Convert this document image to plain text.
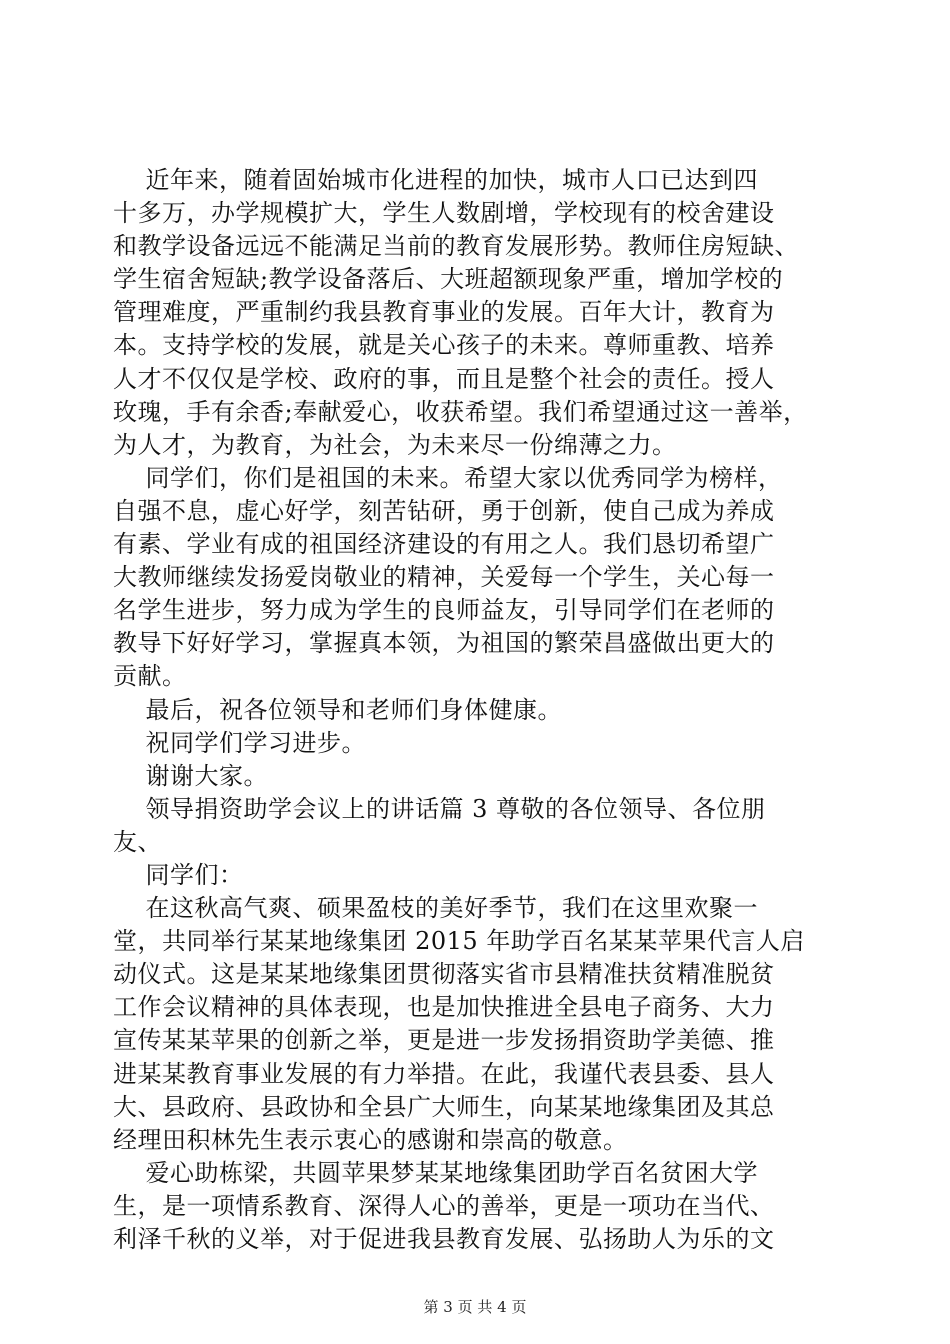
近年来，随着固始城市化进程的加快，城市人口已达到四
十多万，办学规模扩大，学生人数剧增，学校现有的校舍建设
和教学设备远远不能满足当前的教育发展形势。教师住房短缺、
学生宿舍短缺;教学设备落后、大班超额现象严重，增加学校的
管理难度，严重制约我县教育事业的发展。百年大计，教育为
本。支持学校的发展，就是关心孩子的未来。尊师重教、培养
人才不仅仅是学校、政府的事，而且是整个社会的责任。授人
玫瑰，手有余香;奉献爱心，收获希望。我们希望通过这一善举，
为人才，为教育，为社会，为未来尽一份绵薄之力。
同学们，你们是祖国的未来。希望大家以优秀同学为榜样，
自强不息，虚心好学，刻苦钻研，勇于创新，使自己成为养成
有素、学业有成的祖国经济建设的有用之人。我们恳切希望广
大教师继续发扬爱岗敬业的精神，关爱每一个学生，关心每一
名学生进步，努力成为学生的良师益友，引导同学们在老师的
教导下好好学习，掌握真本领，为祖国的繁荣昌盛做出更大的
贡献。
最后，祝各位领导和老师们身体健康。
祝同学们学习进步。
谢谢大家。
领导捐资助学会议上的讲话篇 3 尊敬的各位领导、各位朋
友、
同学们：
在这秋高气爽、硕果盈枝的美好季节，我们在这里欢聚一
堂，共同举行某某地缘集团 2015 年助学百名某某苹果代言人启
动仪式。这是某某地缘集团贯彻落实省市县精准扶贫精准脱贫
工作会议精神的具体表现，也是加快推进全县电子商务、大力
宣传某某苹果的创新之举，更是进一步发扬捐资助学美德、推
进某某教育事业发展的有力举措。在此，我谨代表县委、县人
大、县政府、县政协和全县广大师生，向某某地缘集团及其总
经理田积林先生表示衷心的感谢和崇高的敬意。
爱心助栋梁，共圆苹果梦某某地缘集团助学百名贫困大学
生，是一项情系教育、深得人心的善举，更是一项功在当代、
利泽千秋的义举，对于促进我县教育发展、弘扬助人为乐的文
第 3 页 共 4 页
